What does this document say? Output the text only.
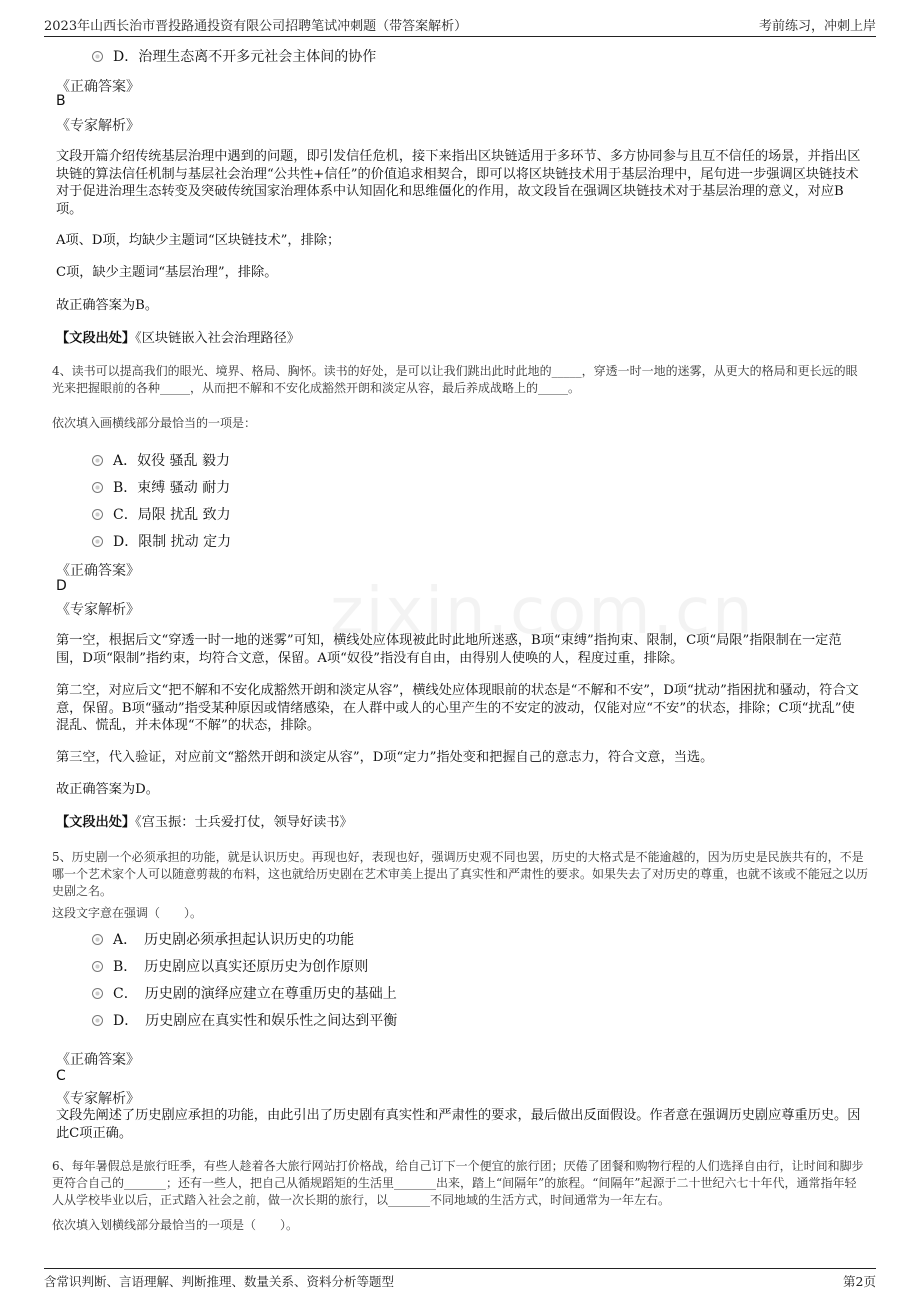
2023年山西长治市晋投路通投资有限公司招聘笔试冲刺题（带答案解析）	考前练习，冲刺上岸
D．治理生态离不开多元社会主体间的协作
《正确答案》
B
《专家解析》
文段开篇介绍传统基层治理中遇到的问题，即引发信任危机，接下来指出区块链适用于多环节、多方协同参与且互不信任的场景，并指出区块链的算法信任机制与基层社会治理“公共性+信任”的价值追求相契合，即可以将区块链技术用于基层治理中，尾句进一步强调区块链技术对于促进治理生态转变及突破传统国家治理体系中认知固化和思维僵化的作用，故文段旨在强调区块链技术对于基层治理的意义，对应B项。
A项、D项，均缺少主题词“区块链技术”，排除；
C项，缺少主题词“基层治理”，排除。
故正确答案为B。
【文段出处】《区块链嵌入社会治理路径》
4、读书可以提高我们的眼光、境界、格局、胸怀。读书的好处，是可以让我们跳出此时此地的_____，穿透一时一地的迷雾，从更大的格局和更长远的眼光来把握眼前的各种_____，从而把不解和不安化成豁然开朗和淡定从容，最后养成战略上的_____。
依次填入画横线部分最恰当的一项是：
A．奴役 骚乱 毅力
B．束缚 骚动 耐力
C．局限 扰乱 致力
D．限制 扰动 定力
《正确答案》
D
《专家解析》
第一空，根据后文“穿透一时一地的迷雾”可知，横线处应体现被此时此地所迷惑，B项“束缚”指拘束、限制，C项“局限”指限制在一定范围，D项“限制”指约束，均符合文意，保留。A项“奴役”指没有自由，由得别人使唤的人，程度过重，排除。
第二空，对应后文“把不解和不安化成豁然开朗和淡定从容”，横线处应体现眼前的状态是“不解和不安”，D项“扰动”指困扰和骚动，符合文意，保留。B项“骚动”指受某种原因或情绪感染，在人群中或人的心里产生的不安定的波动，仅能对应“不安”的状态，排除；C项“扰乱”使混乱、慌乱，并未体现“不解”的状态，排除。
第三空，代入验证，对应前文“豁然开朗和淡定从容”，D项“定力”指处变和把握自己的意志力，符合文意，当选。
故正确答案为D。
【文段出处】《宫玉振：士兵爱打仗，领导好读书》
5、历史剧一个必须承担的功能，就是认识历史。再现也好，表现也好，强调历史观不同也罢，历史的大格式是不能逾越的，因为历史是民族共有的，不是哪一个艺术家个人可以随意剪裁的布料，这也就给历史剧在艺术审美上提出了真实性和严肃性的要求。如果失去了对历史的尊重，也就不该或不能冠之以历史剧之名。
这段文字意在强调（　　）。
A．　历史剧必须承担起认识历史的功能
B．　历史剧应以真实还原历史为创作原则
C．　历史剧的演绎应建立在尊重历史的基础上
D．　历史剧应在真实性和娱乐性之间达到平衡
《正确答案》
C
《专家解析》
文段先阐述了历史剧应承担的功能，由此引出了历史剧有真实性和严肃性的要求，最后做出反面假设。作者意在强调历史剧应尊重历史。因此C项正确。
6、每年暑假总是旅行旺季，有些人趁着各大旅行网站打价格战，给自己订下一个便宜的旅行团；厌倦了团餐和购物行程的人们选择自由行，让时间和脚步更符合自己的_______；还有一些人，把自己从循规蹈矩的生活里_______出来，踏上“间隔年”的旅程。“间隔年”起源于二十世纪六七十年代，通常指年轻人从学校毕业以后，正式踏入社会之前，做一次长期的旅行，以_______不同地域的生活方式，时间通常为一年左右。
依次填入划横线部分最恰当的一项是（　　）。
含常识判断、言语理解、判断推理、数量关系、资料分析等题型	第2页
